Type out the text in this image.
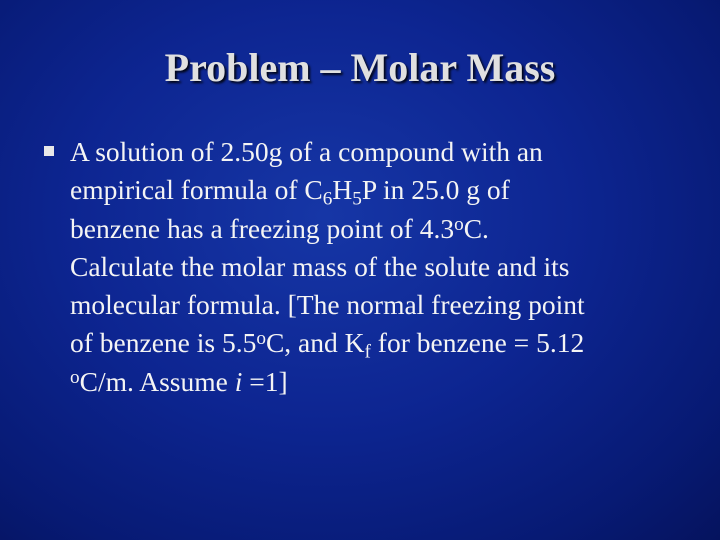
Problem – Molar Mass
A solution of 2.50g of a compound with an
empirical formula of $C_6H_5P$ in 25.0 g of
benzene has a freezing point of 4.3$^o$C.
Calculate the molar mass of the solute and its
molecular formula. [The normal freezing point
of benzene is 5.5$^o$C, and $K_f$ for benzene = 5.12
$^o$C/m. Assume i =1]
